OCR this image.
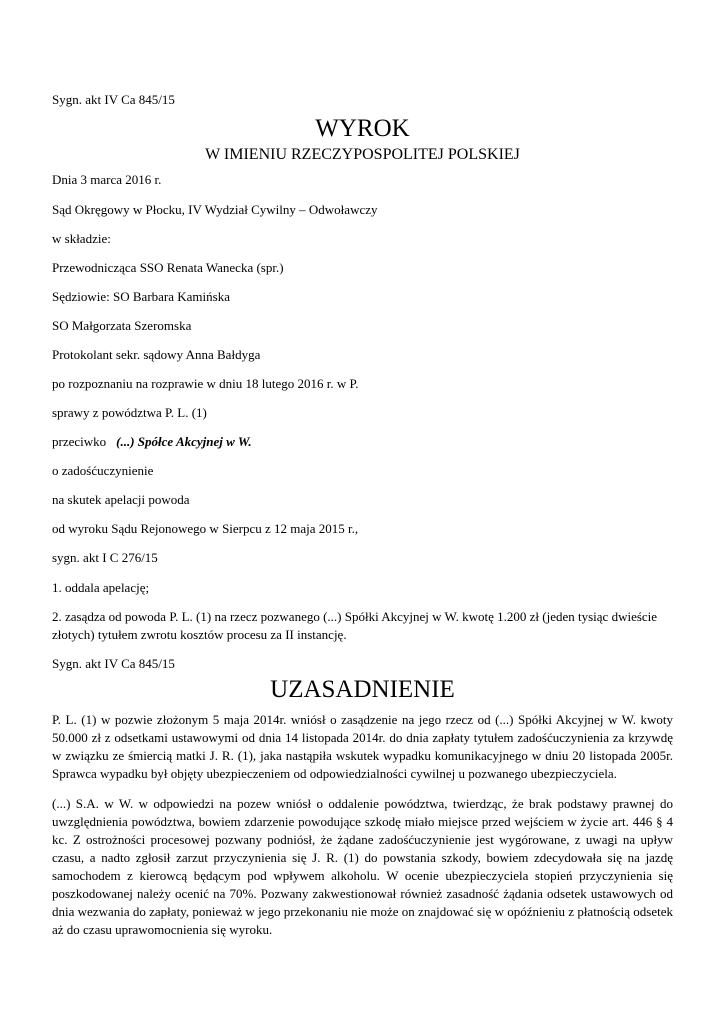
Sygn. akt IV Ca 845/15
WYROK
W IMIENIU RZECZYPOSPOLITEJ POLSKIEJ
Dnia 3 marca 2016 r.
Sąd Okręgowy w Płocku, IV Wydział Cywilny – Odwoławczy
w składzie:
Przewodnicząca SSO Renata Wanecka (spr.)
Sędziowie: SO Barbara Kamińska
SO Małgorzata Szeromska
Protokolant sekr. sądowy Anna Bałdyga
po rozpoznaniu na rozprawie w dniu 18 lutego 2016 r. w P.
sprawy z powództwa P. L. (1)
przeciwko (...) Spółce Akcyjnej w W.
o zadośćuczynienie
na skutek apelacji powoda
od wyroku Sądu Rejonowego w Sierpcu z 12 maja 2015 r.,
sygn. akt I C 276/15
1. oddala apelację;
2. zasądza od powoda P. L. (1) na rzecz pozwanego (...) Spółki Akcyjnej w W. kwotę 1.200 zł (jeden tysiąc dwieście
złotych) tytułem zwrotu kosztów procesu za II instancję.
Sygn. akt IV Ca 845/15
UZASADNIENIE
P. L. (1) w pozwie złożonym 5 maja 2014r. wniósł o zasądzenie na jego rzecz od (...) Spółki Akcyjnej w W. kwoty 50.000 zł z odsetkami ustawowymi od dnia 14 listopada 2014r. do dnia zapłaty tytułem zadośćuczynienia za krzywdę w związku ze śmiercią matki J. R. (1), jaka nastąpiła wskutek wypadku komunikacyjnego w dniu 20 listopada 2005r. Sprawca wypadku był objęty ubezpieczeniem od odpowiedzialności cywilnej u pozwanego ubezpieczyciela.
(...) S.A. w W. w odpowiedzi na pozew wniósł o oddalenie powództwa, twierdząc, że brak podstawy prawnej do uwzględnienia powództwa, bowiem zdarzenie powodujące szkodę miało miejsce przed wejściem w życie art. 446 § 4 kc. Z ostrożności procesowej pozwany podniósł, że żądane zadośćuczynienie jest wygórowane, z uwagi na upływ czasu, a nadto zgłosił zarzut przyczynienia się J. R. (1) do powstania szkody, bowiem zdecydowała się na jazdę samochodem z kierowcą będącym pod wpływem alkoholu. W ocenie ubezpieczyciela stopień przyczynienia się poszkodowanej należy ocenić na 70%. Pozwany zakwestionował również zasadność żądania odsetek ustawowych od dnia wezwania do zapłaty, ponieważ w jego przekonaniu nie może on znajdować się w opóźnieniu z płatnością odsetek aż do czasu uprawomocnienia się wyroku.
